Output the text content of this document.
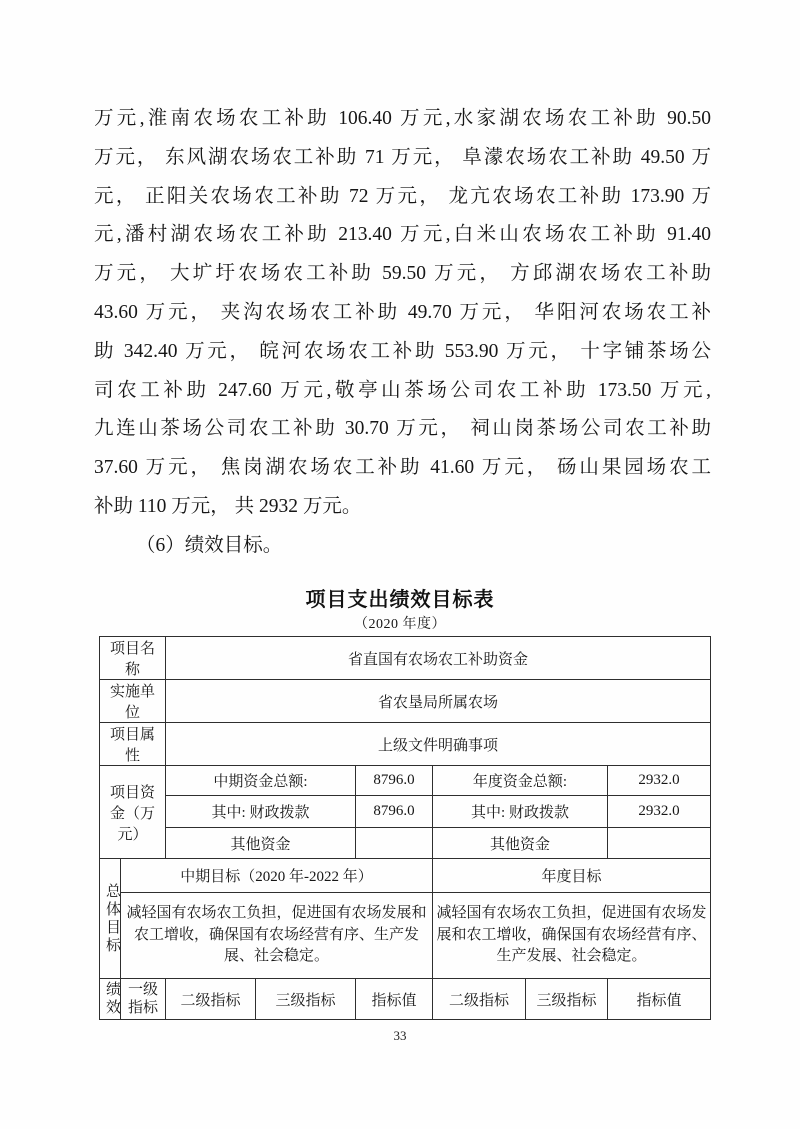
万元,淮南农场农工补助 106.40 万元,水家湖农场农工补助 90.50
万元， 东风湖农场农工补助 71 万元， 阜濛农场农工补助 49.50 万
元， 正阳关农场农工补助 72 万元， 龙亢农场农工补助 173.90 万
元,潘村湖农场农工补助 213.40 万元,白米山农场农工补助 91.40
万元， 大圹圩农场农工补助 59.50 万元， 方邱湖农场农工补助
43.60 万元， 夹沟农场农工补助 49.70 万元， 华阳河农场农工补
助 342.40 万元， 皖河农场农工补助 553.90 万元， 十字铺茶场公
司农工补助 247.60 万元,敬亭山茶场公司农工补助 173.50 万元,
九连山茶场公司农工补助 30.70 万元， 祠山岗茶场公司农工补助
37.60 万元， 焦岗湖农场农工补助 41.60 万元， 砀山果园场农工
补助 110 万元， 共 2932 万元。
（6）绩效目标。
项目支出绩效目标表
（2020 年度）
项目名称		省直国有农场农工补助资金					
实施单位		省农垦局所属农场					
项目属性		上级文件明确事项					
项目资金（万元）		中期资金总额:		8796.0	年度资金总额:		2932.0
		其中: 财政拨款		8796.0	其中: 财政拨款		2932.0
		其他资金			其他资金		

总体目标	中期目标（2020 年-2022 年）				年度目标		
	减轻国有农场农工负担，促进国有农场发展和农工增收，确保国有农场经营有序、生产发展、社会稳定。				减轻国有农场农工负担，促进国有农场发展和农工增收，确保国有农场经营有序、生产发展、社会稳定。		

绩效	一级指标	二级指标	三级指标	指标值	二级指标	三级指标	指标值
33
